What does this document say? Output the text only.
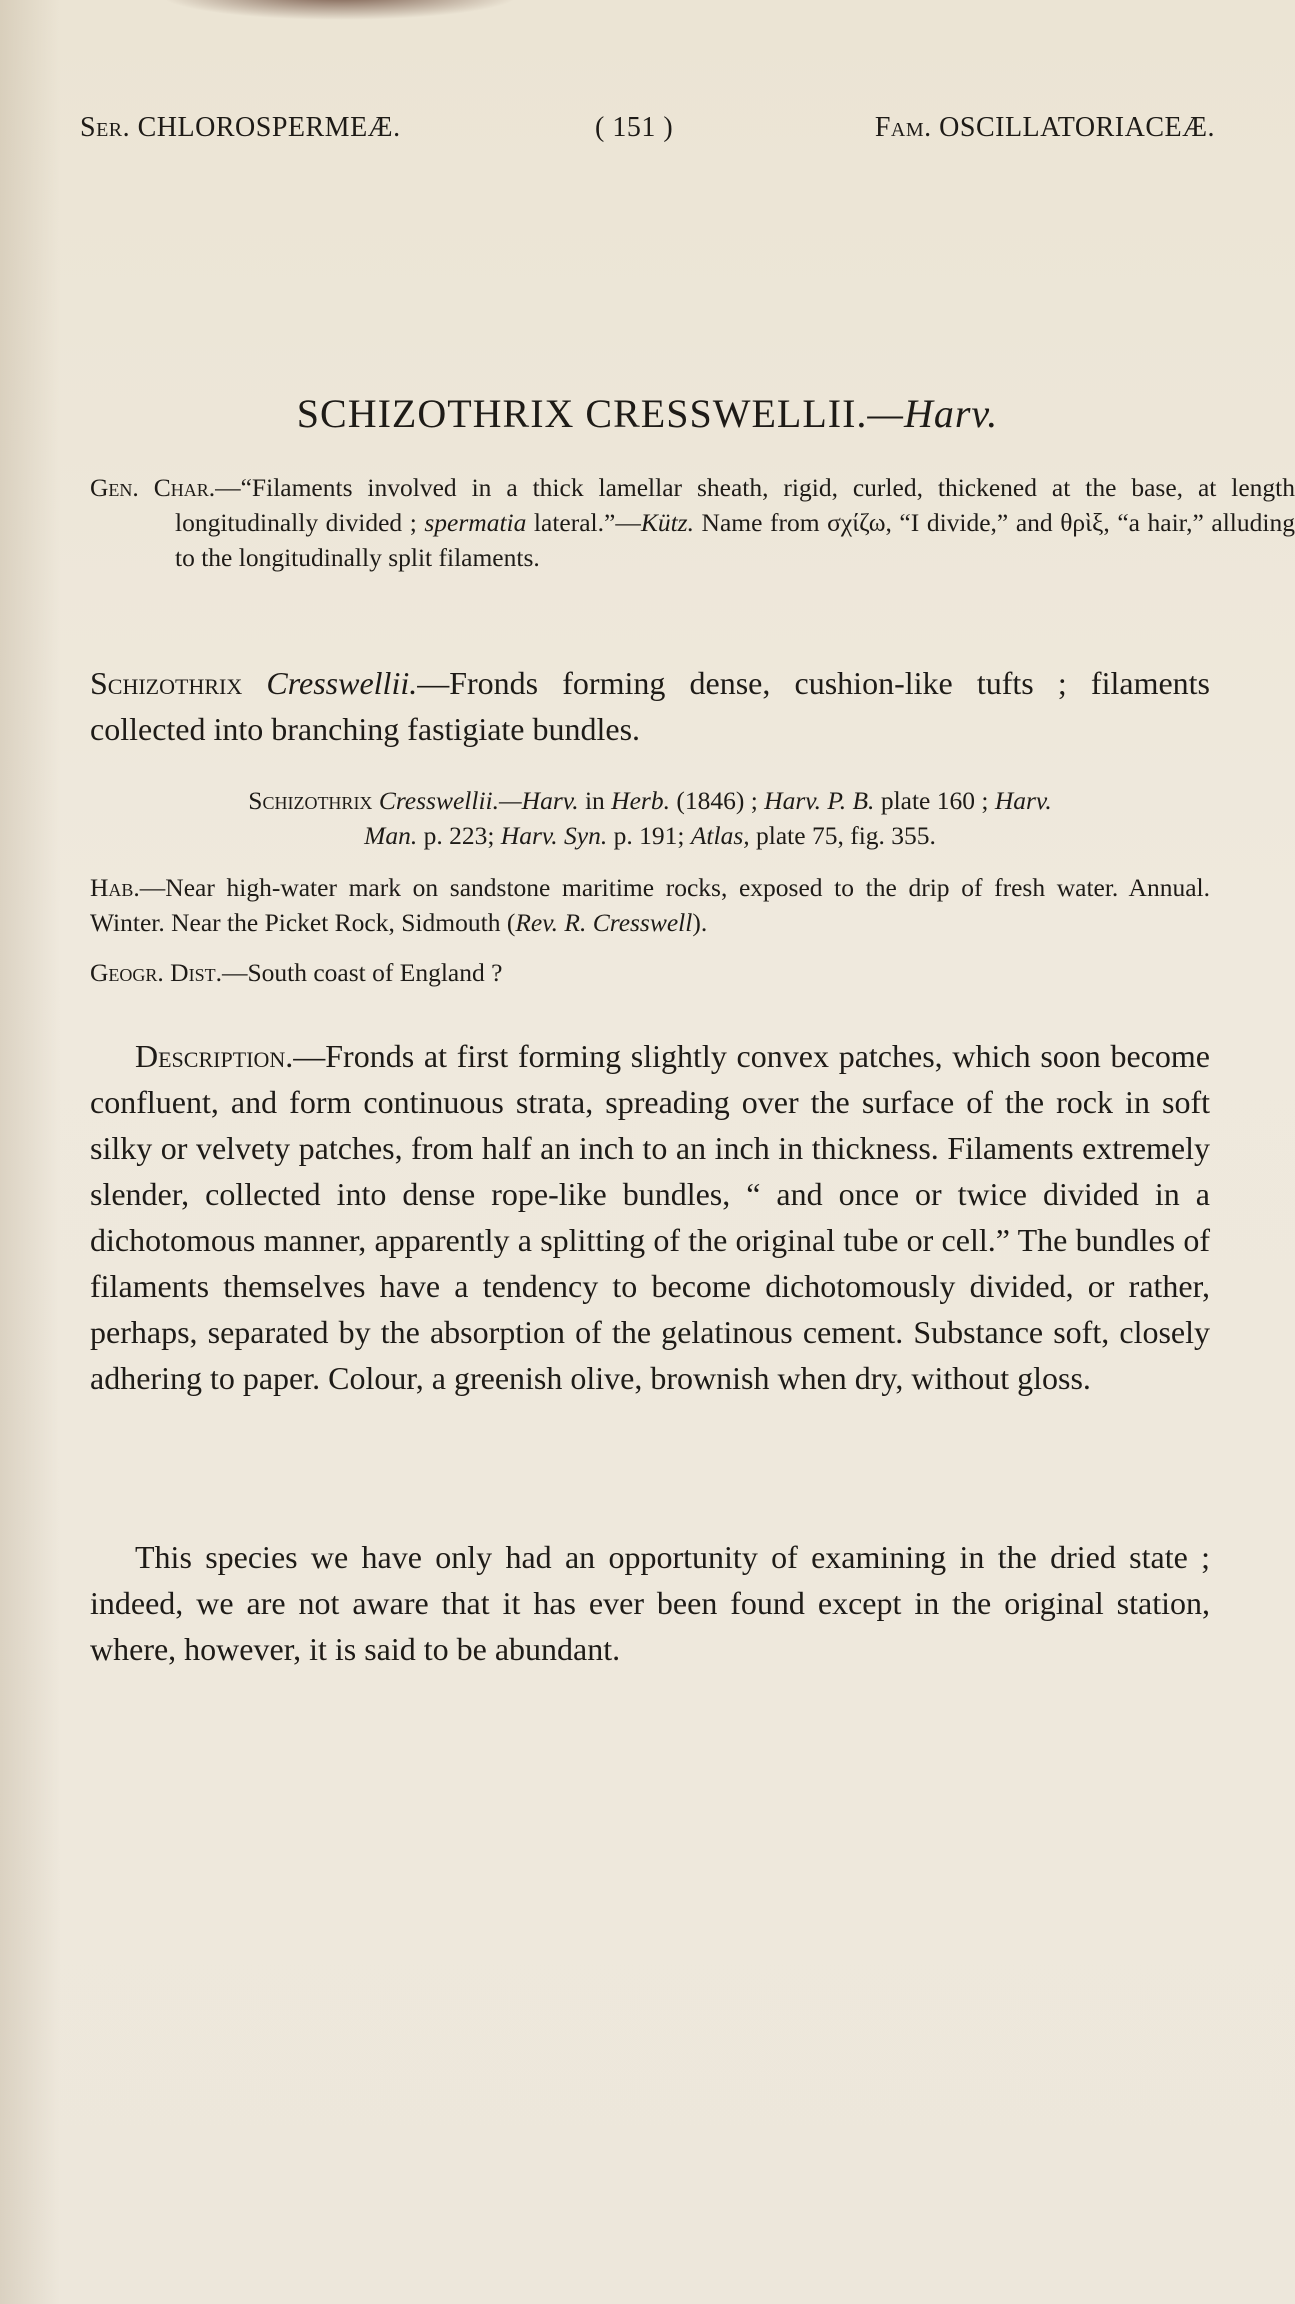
Ser. CHLOROSPERMEÆ.	( 151 )	Fam. OSCILLATORIACEÆ.
SCHIZOTHRIX CRESSWELLII.—Harv.
Gen. Char.—“Filaments involved in a thick lamellar sheath, rigid, curled, thickened at the base, at length longitudinally divided ; spermatia lateral.”—Kütz. Name from σχίζω, “I divide,” and θρὶξ, “a hair,” alluding to the longitudinally split filaments.
Schizothrix Cresswellii.—Fronds forming dense, cushion-like tufts ; filaments collected into branching fastigiate bundles.
Schizothrix Cresswellii.—Harv. in Herb. (1846) ; Harv. P. B. plate 160 ; Harv.
Man. p. 223; Harv. Syn. p. 191; Atlas, plate 75, fig. 355.
Hab.—Near high-water mark on sandstone maritime rocks, exposed to the drip of fresh water. Annual. Winter. Near the Picket Rock, Sidmouth (Rev. R. Cresswell).
Geogr. Dist.—South coast of England ?
Description.—Fronds at first forming slightly convex patches, which soon become confluent, and form continuous strata, spreading over the surface of the rock in soft silky or velvety patches, from half an inch to an inch in thickness. Filaments extremely slender, collected into dense rope-like bundles, “ and once or twice divided in a dichotomous manner, apparently a splitting of the original tube or cell.” The bundles of filaments themselves have a tendency to become dichotomously divided, or rather, perhaps, separated by the absorption of the gelatinous cement. Substance soft, closely adhering to paper. Colour, a greenish olive, brownish when dry, without gloss.
This species we have only had an opportunity of examining in the dried state ; indeed, we are not aware that it has ever been found except in the original station, where, however, it is said to be abundant.
